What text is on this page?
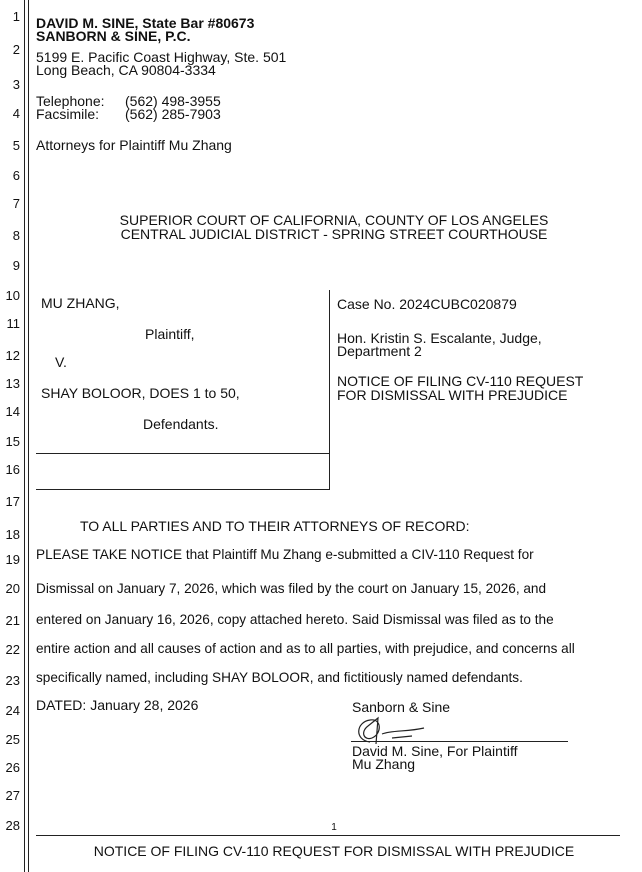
1
2
3
4
5
6
7
8
9
10
11
12
13
14
15
16
17
18
19
20
21
22
23
24
25
26
27
28
DAVID M. SINE, State Bar #80673
SANBORN & SINE, P.C.
5199 E. Pacific Coast Highway, Ste. 501
Long Beach, CA 90804-3334
Telephone: (562) 498-3955
Facsimile: (562) 285-7903
Attorneys for Plaintiff Mu Zhang
SUPERIOR COURT OF CALIFORNIA, COUNTY OF LOS ANGELES
CENTRAL JUDICIAL DISTRICT - SPRING STREET COURTHOUSE
MU ZHANG,
Plaintiff,
V.
SHAY BOLOOR, DOES 1 to 50,
Defendants.
Case No. 2024CUBC020879
Hon. Kristin S. Escalante, Judge,
Department 2
NOTICE OF FILING CV-110 REQUEST
FOR DISMISSAL WITH PREJUDICE
TO ALL PARTIES AND TO THEIR ATTORNEYS OF RECORD:
PLEASE TAKE NOTICE that Plaintiff Mu Zhang e-submitted a CIV-110 Request for
Dismissal on January 7, 2026, which was filed by the court on January 15, 2026, and
entered on January 16, 2026, copy attached hereto. Said Dismissal was filed as to the
entire action and all causes of action and as to all parties, with prejudice, and concerns all
specifically named, including SHAY BOLOOR, and fictitiously named defendants.
DATED: January 28, 2026	Sanborn & Sine
David M. Sine, For Plaintiff
Mu Zhang
1
NOTICE OF FILING CV-110 REQUEST FOR DISMISSAL WITH PREJUDICE
